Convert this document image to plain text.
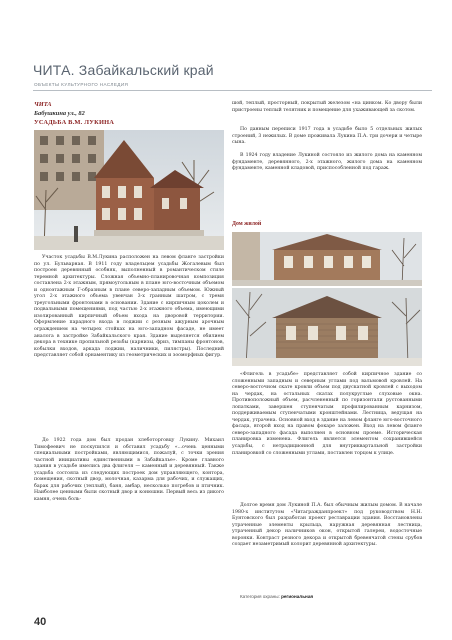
ЧИТА. Забайкальский край
ОБЪЕКТЫ КУЛЬТУРНОГО НАСЛЕДИЯ
ЧИТА
Бабушкина ул., 82
УСАДЬБА В.М. ЛУКИНА

Участок усадьбы В.М.Лукина расположен на левом фланге застройки по ул. Бульварная. В 1911 году владельцем усадьбы Жогалевым был построен деревянный особняк, выполненный в романтическом стиле теремной архитектуры. Сложная объемно-планировочная композиция составлена 2-х этажным, прямоугольным в плане юго-восточным объемом и одноэтажным Г-образным в плане северо-западным объемом. Южный угол 2-х этажного объема увенчан 3-х гранным шатром, с тремя треугольными фронтонами в основании. Здание с кирпичным цоколем и подвальными помещениями, под частью 2-х этажного объема, имеющими изолированный кирпичный объем входа на дворовой территории. Оформление парадного входа в лоджии с резным ажурным арочным ограждением на четырех стойках на юго-западном фасаде, не имеет аналога в застройке Забайкальского края. Здание выделяется обилием декора в технике пропильной резьбы (карнизы, фриз, тимпаны фронтонов, кобылки входов, аркада лоджии, наличники, пилястры). Последний представляет собой орнаментику из геометрических и зооморфных фигур.

До 1922 года дом был продан хлеботорговцу Лукину. Михаил Тимофеевич не поскупился и обставил усадьбу «...очень ценными специальными постройками, являющимися, пожалуй, с точки зрения частной инициативы единственными в Забайкалье». Кроме главного здания в усадьбе имелись два флигеля — каменный и деревянный. Также усадьба состояла из следующих построек дом управляющего, контора, помещения, скотный двор, молочная, казарма для рабочих, и служащих, барак для рабочих (теплый), баня, амбар, несколько погребов и птичник. Наиболее ценными были скотный двор и конюшни. Первый весь из дикого камня, очень боль-

шой, теплый, просторный, покрытый железом «на цинком. Ко двору были пристроены теплый телятник и помещение для ухаживающей за скотом.

По данным переписи 1917 года в усадьбе было 5 отдельных жилых строений, 3 нежилых. В доме проживала Лукина П.А. три дочери и четыре сына.

В 1924 году владение Лукиной состояло из жилого дома на каменном фундаменте, деревянного, 2-х этажного, жилого дома на каменном фундаменте, каменной кладовой, приспособленной под гараж.

Дом жилой

«Флигель в усадьбе» представляет собой кирпичное здание со сложенными западным и северным углами под вальмовой кровлей. На северо-восточном скате кровли объем под двускатной кровлей с выходом на чердак, на остальных скатах полукруглые слуховые окна. Противоположный объем, расчлененный по горизонтали рустованными лопатками, завершен ступенчатым профилированным карнизом, поддерживаемым ступенчатыми кронштейнами. Лестница, ведущая на чердак, утрачена. Основной вход в здание на левом фланге юго-восточного фасада, второй вход на правом фокаре заложен. Вход на левом фланге северо-западного фасада выполнен в основном проеме. Историческая планировка изменена. Флигель является элементом сохранившейся усадьбы, с нетрадиционной для внутриквартальной застройки планировкой со сложенными углами, поставлен торцом к улице.

Долгое время дом Лукиной П.А. был обычным жилым домом. В начале 1980-х институтом «Читагражданпроект» под руководством Н.Н. Бунтовского был разработан проект реставрации здания. Восстановлены утраченные элементы крыльца, наружная деревянная лестница, утраченный декор наличников окон, открытой галереи, водосточные воронки. Контраст резного декора и открытой бревенчатой стены срубов создает незаметримый колорит деревянной архитектуры.

Категория охраны: региональная
40
